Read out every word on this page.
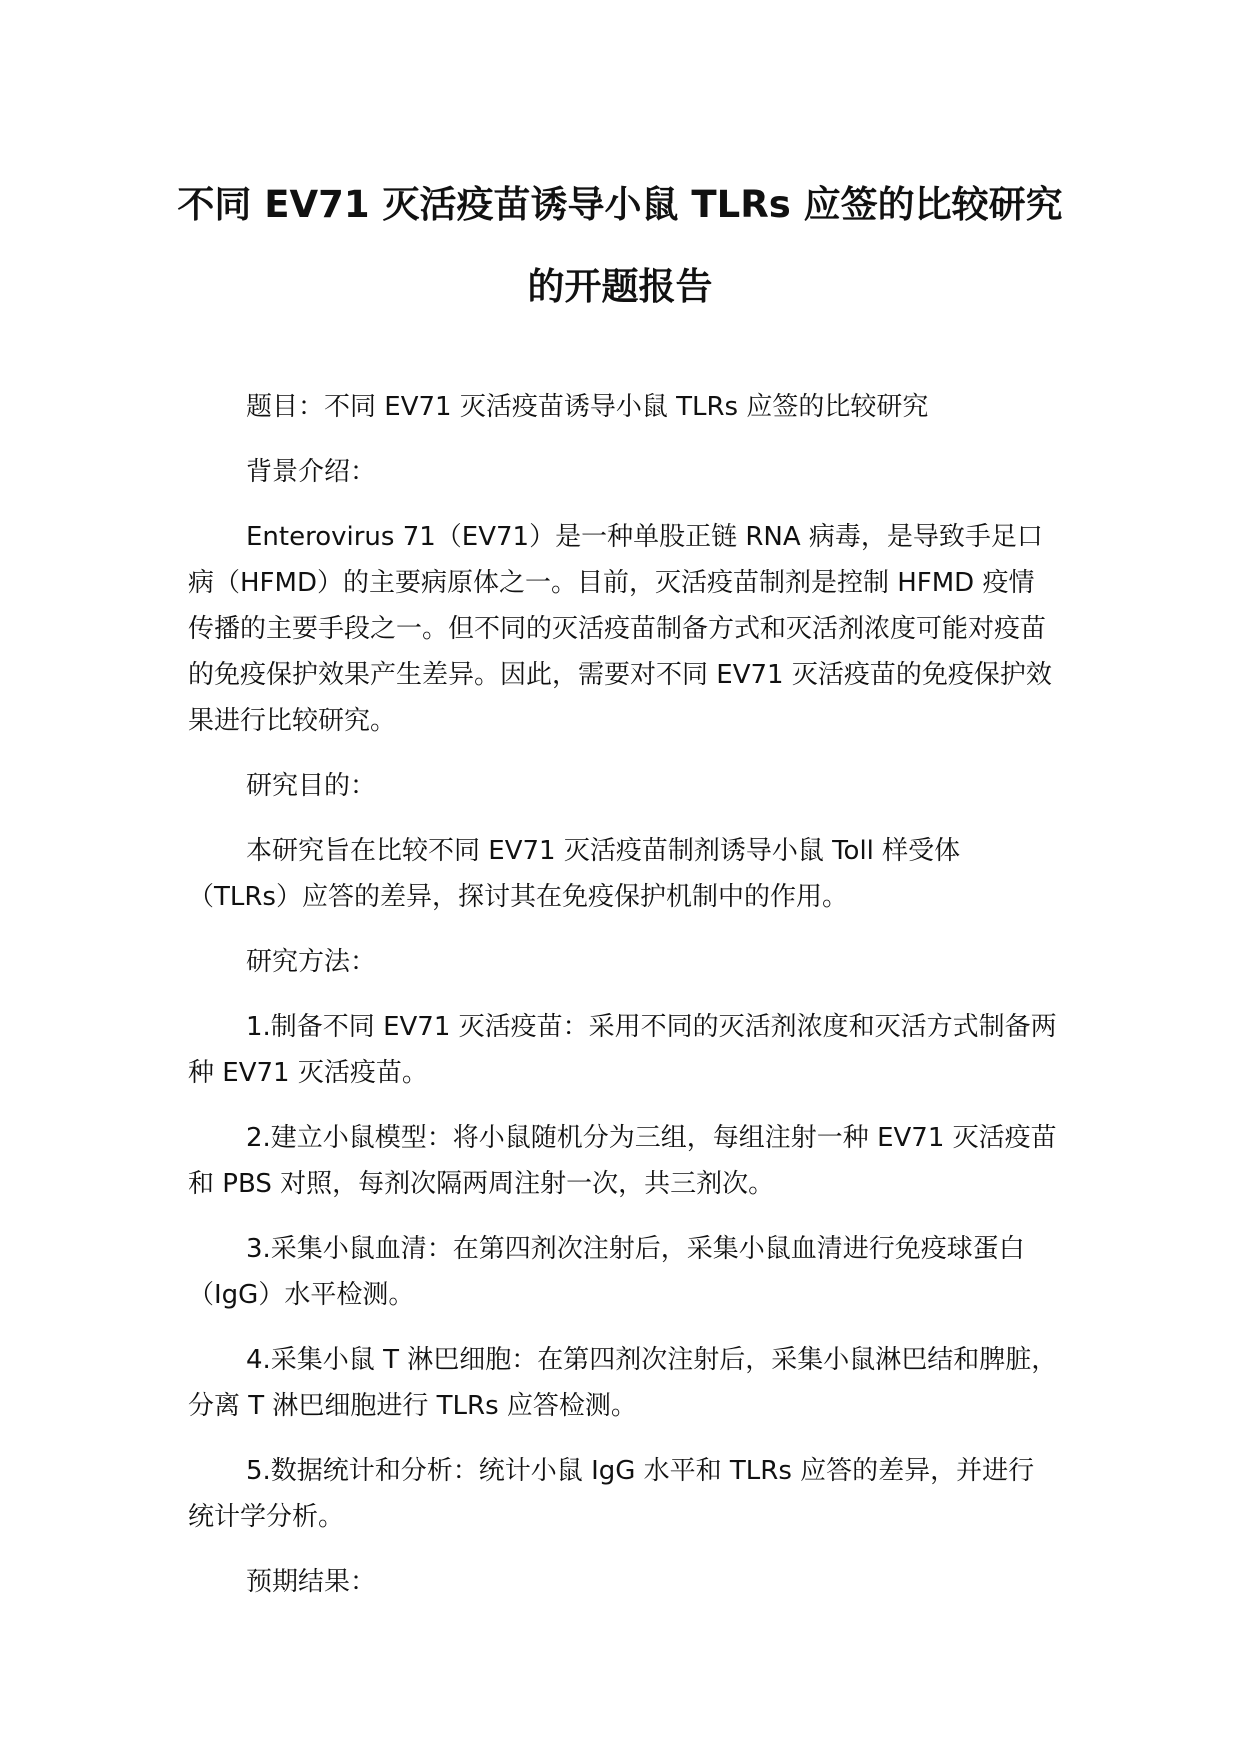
不同 EV71 灭活疫苗诱导小鼠 TLRs 应签的比较研究
的开题报告

题目：不同 EV71 灭活疫苗诱导小鼠 TLRs 应签的比较研究

背景介绍：

Enterovirus 71（EV71）是一种单股正链 RNA 病毒，是导致手足口病（HFMD）的主要病原体之一。目前，灭活疫苗制剂是控制 HFMD 疫情传播的主要手段之一。但不同的灭活疫苗制备方式和灭活剂浓度可能对疫苗的免疫保护效果产生差异。因此，需要对不同 EV71 灭活疫苗的免疫保护效果进行比较研究。

研究目的：

本研究旨在比较不同 EV71 灭活疫苗制剂诱导小鼠 Toll 样受体（TLRs）应答的差异，探讨其在免疫保护机制中的作用。

研究方法：

1.制备不同 EV71 灭活疫苗：采用不同的灭活剂浓度和灭活方式制备两种 EV71 灭活疫苗。

2.建立小鼠模型：将小鼠随机分为三组，每组注射一种 EV71 灭活疫苗和 PBS 对照，每剂次隔两周注射一次，共三剂次。

3.采集小鼠血清：在第四剂次注射后，采集小鼠血清进行免疫球蛋白（IgG）水平检测。

4.采集小鼠 T 淋巴细胞：在第四剂次注射后，采集小鼠淋巴结和脾脏，分离 T 淋巴细胞进行 TLRs 应答检测。

5.数据统计和分析：统计小鼠 IgG 水平和 TLRs 应答的差异，并进行统计学分析。

预期结果：
